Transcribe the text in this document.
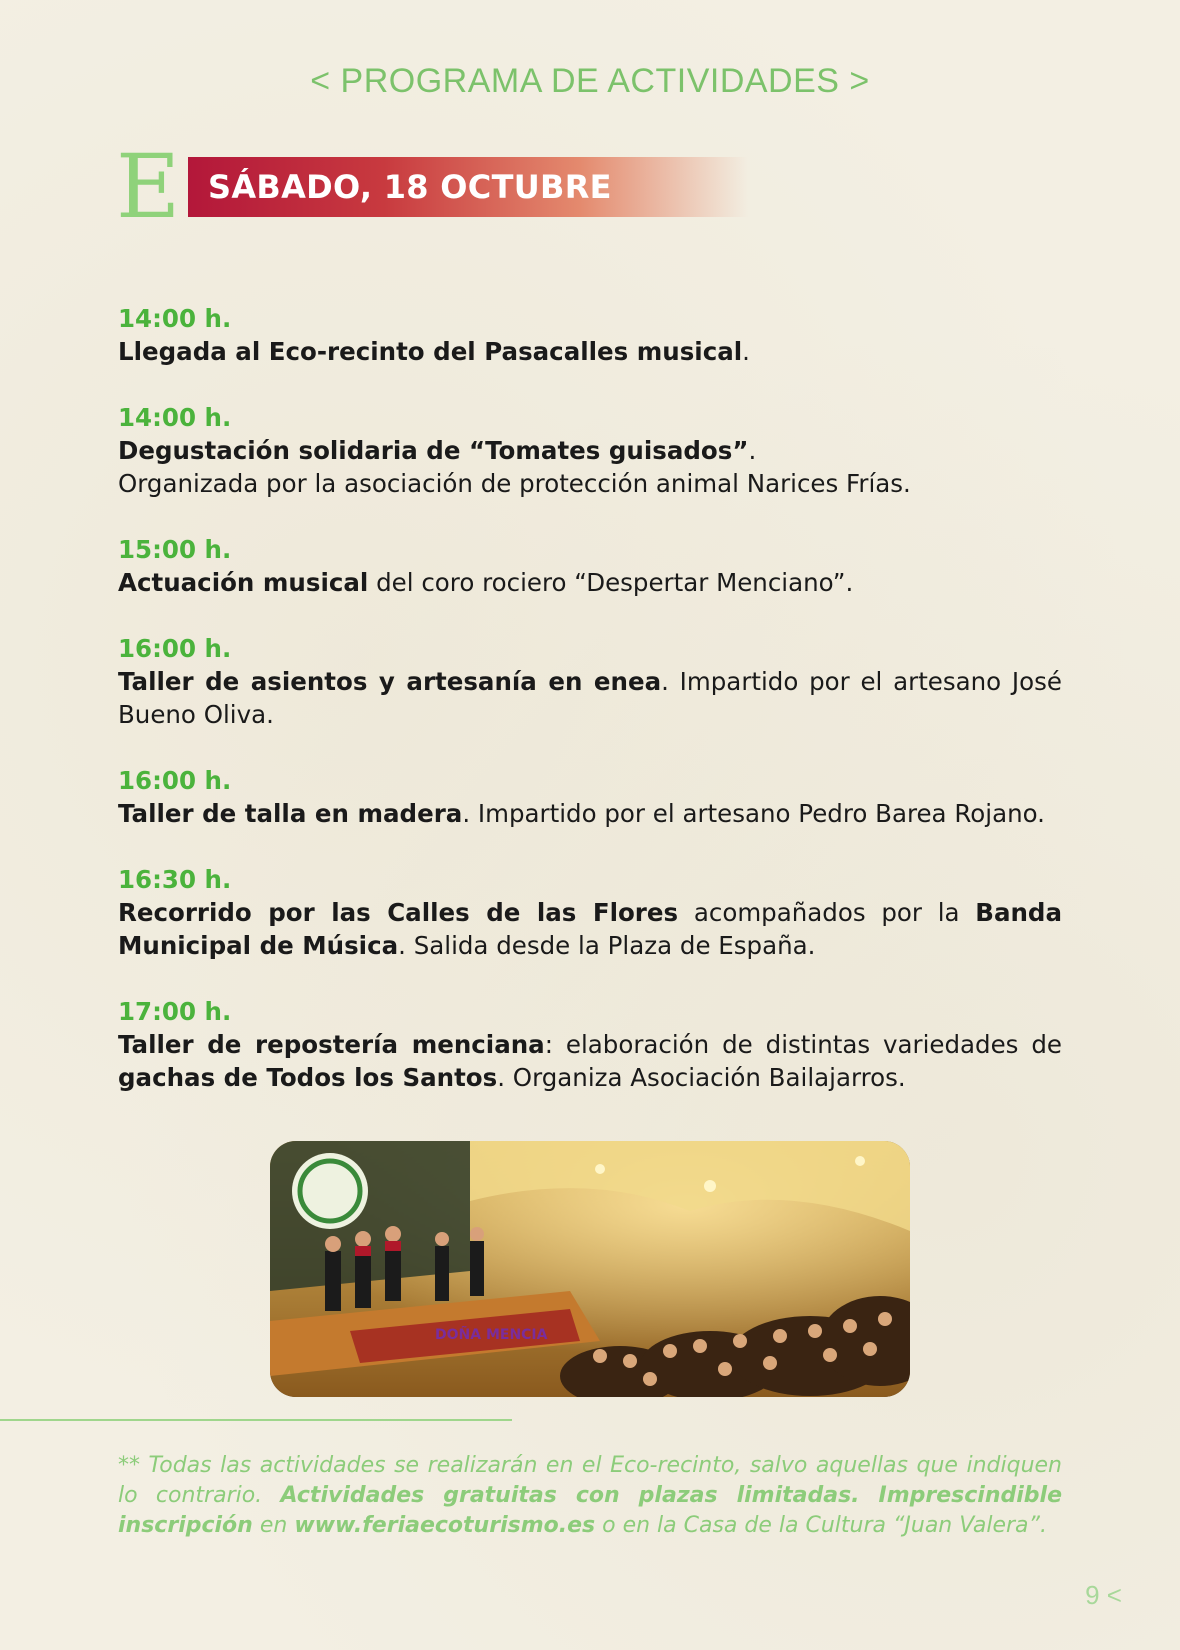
< PROGRAMA DE ACTIVIDADES >
E SÁBADO, 18 OCTUBRE
14:00 h.
Llegada al Eco-recinto del Pasacalles musical.
14:00 h.
Degustación solidaria de “Tomates guisados”.
Organizada por la asociación de protección animal Narices Frías.
15:00 h.
Actuación musical del coro rociero “Despertar Menciano”.
16:00 h.
Taller de asientos y artesanía en enea. Impartido por el artesano José Bueno Oliva.
16:00 h.
Taller de talla en madera. Impartido por el artesano Pedro Barea Rojano.
16:30 h.
Recorrido por las Calles de las Flores acompañados por la Banda Municipal de Música. Salida desde la Plaza de España.
17:00 h.
Taller de repostería menciana: elaboración de distintas variedades de gachas de Todos los Santos. Organiza Asociación Bailajarros.
DOÑA MENCIA
** Todas las actividades se realizarán en el Eco-recinto, salvo aquellas que indiquen lo contrario. Actividades gratuitas con plazas limitadas. Imprescindible inscripción en www.feriaecoturismo.es o en la Casa de la Cultura “Juan Valera”.
9 <
